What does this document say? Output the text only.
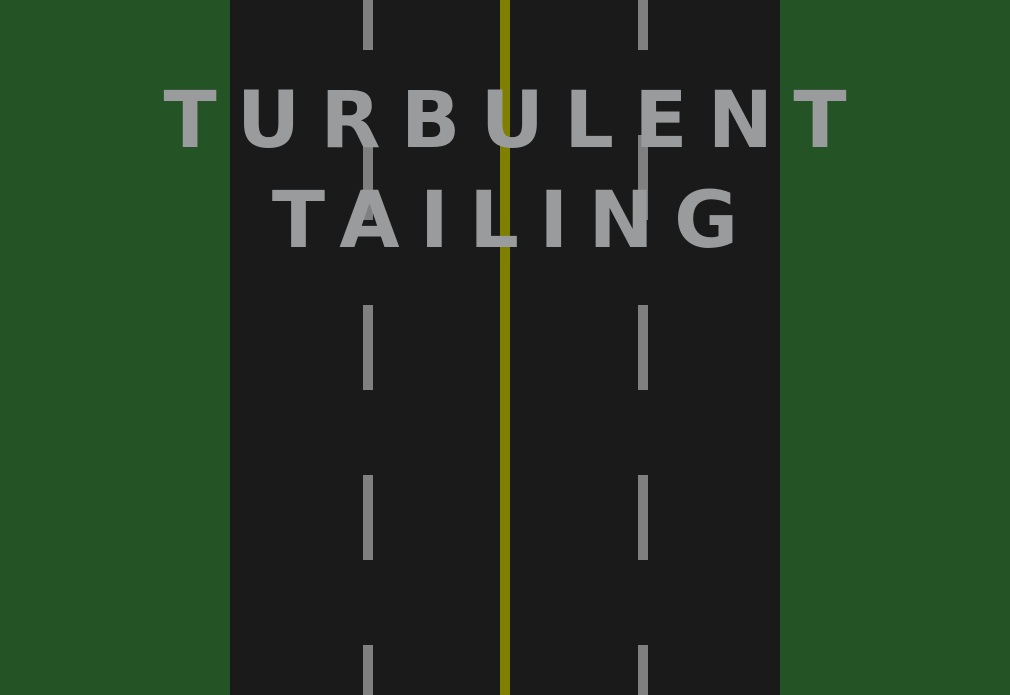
TURBULENT
TAILING
